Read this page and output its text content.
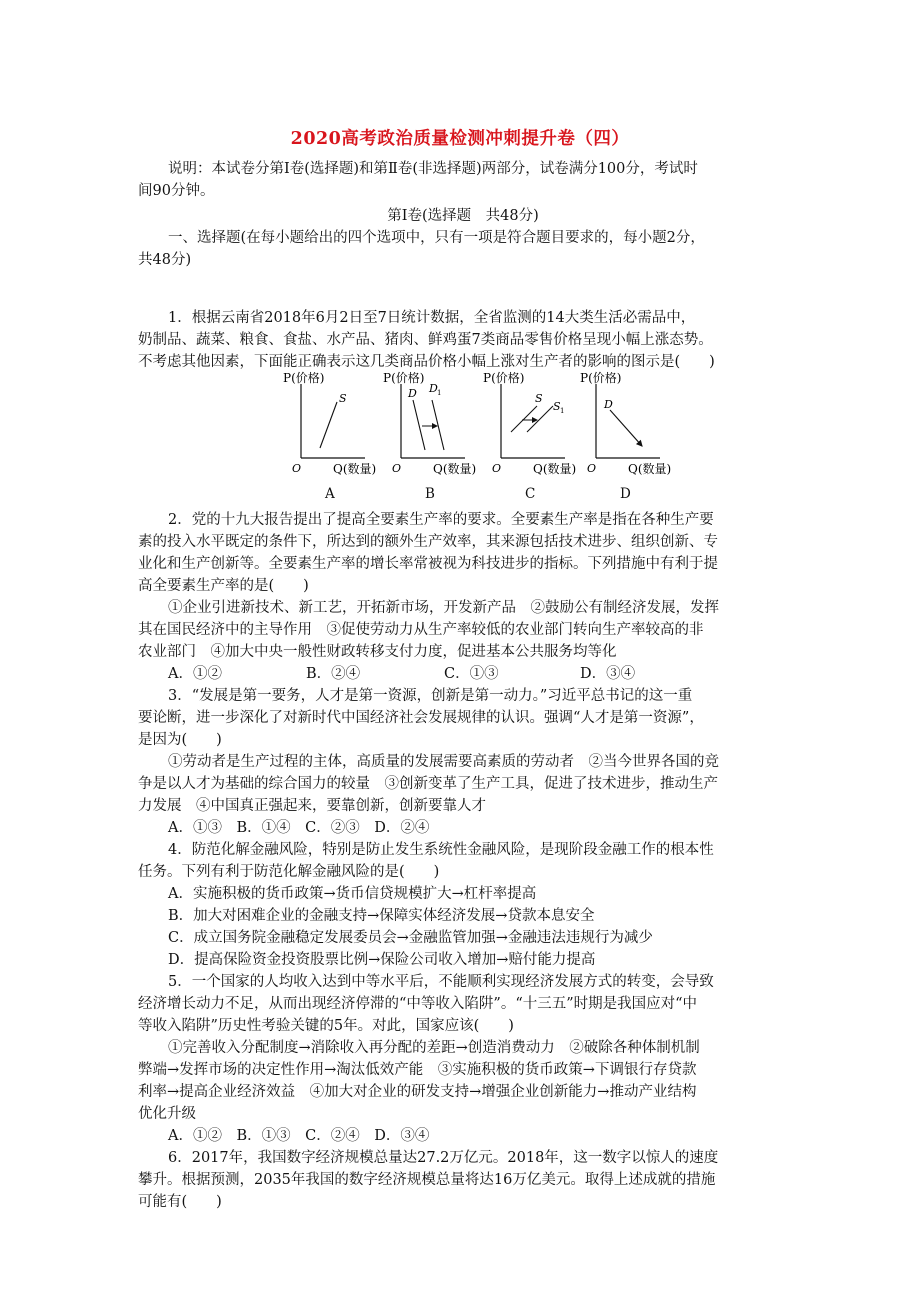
2020高考政治质量检测冲刺提升卷（四）

说明：本试卷分第Ⅰ卷(选择题)和第Ⅱ卷(非选择题)两部分，试卷满分100分，考试时

间90分钟。

第Ⅰ卷(选择题　共48分)

一、选择题(在每小题给出的四个选项中，只有一项是符合题目要求的，每小题2分，

共48分)

1．根据云南省2018年6月2日至7日统计数据，全省监测的14大类生活必需品中，

奶制品、蔬菜、粮食、食盐、水产品、猪肉、鲜鸡蛋7类商品零售价格呈现小幅上涨态势。

不考虑其他因素，下面能正确表示这几类商品价格小幅上涨对生产者的影响的图示是(　　)

P(价格)
O	Q(数量)
S
P(价格)
O	Q(数量)
D D 1
P(价格)
O	Q(数量)
S
S 1
P(价格)
O	Q(数量)
D
A	B	C	D

2．党的十九大报告提出了提高全要素生产率的要求。全要素生产率是指在各种生产要

素的投入水平既定的条件下，所达到的额外生产效率，其来源包括技术进步、组织创新、专

业化和生产创新等。全要素生产率的增长率常被视为科技进步的指标。下列措施中有利于提

高全要素生产率的是(　　)

①企业引进新技术、新工艺，开拓新市场，开发新产品　②鼓励公有制经济发展，发挥

其在国民经济中的主导作用　③促使劳动力从生产率较低的农业部门转向生产率较高的非

农业部门　④加大中央一般性财政转移支付力度，促进基本公共服务均等化

A．①②	B．②④	C．①③	D．③④

3．“发展是第一要务，人才是第一资源，创新是第一动力。”习近平总书记的这一重

要论断，进一步深化了对新时代中国经济社会发展规律的认识。强调“人才是第一资源”，

是因为(　　)

①劳动者是生产过程的主体，高质量的发展需要高素质的劳动者　②当今世界各国的竞

争是以人才为基础的综合国力的较量　③创新变革了生产工具，促进了技术进步，推动生产

力发展　④中国真正强起来，要靠创新，创新要靠人才

A．①③　B．①④　C．②③　D．②④

4．防范化解金融风险，特别是防止发生系统性金融风险，是现阶段金融工作的根本性

任务。下列有利于防范化解金融风险的是(　　)

A．实施积极的货币政策→货币信贷规模扩大→杠杆率提高

B．加大对困难企业的金融支持→保障实体经济发展→贷款本息安全

C．成立国务院金融稳定发展委员会→金融监管加强→金融违法违规行为减少

D．提高保险资金投资股票比例→保险公司收入增加→赔付能力提高

5．一个国家的人均收入达到中等水平后，不能顺利实现经济发展方式的转变，会导致

经济增长动力不足，从而出现经济停滞的“中等收入陷阱”。“十三五”时期是我国应对“中

等收入陷阱”历史性考验关键的5年。对此，国家应该(　　)

①完善收入分配制度→消除收入再分配的差距→创造消费动力　②破除各种体制机制

弊端→发挥市场的决定性作用→淘汰低效产能　③实施积极的货币政策→下调银行存贷款

利率→提高企业经济效益　④加大对企业的研发支持→增强企业创新能力→推动产业结构

优化升级

A．①②　B．①③　C．②④　D．③④

6．2017年，我国数字经济规模总量达27.2万亿元。2018年，这一数字以惊人的速度

攀升。根据预测，2035年我国的数字经济规模总量将达16万亿美元。取得上述成就的措施

可能有(　　)
